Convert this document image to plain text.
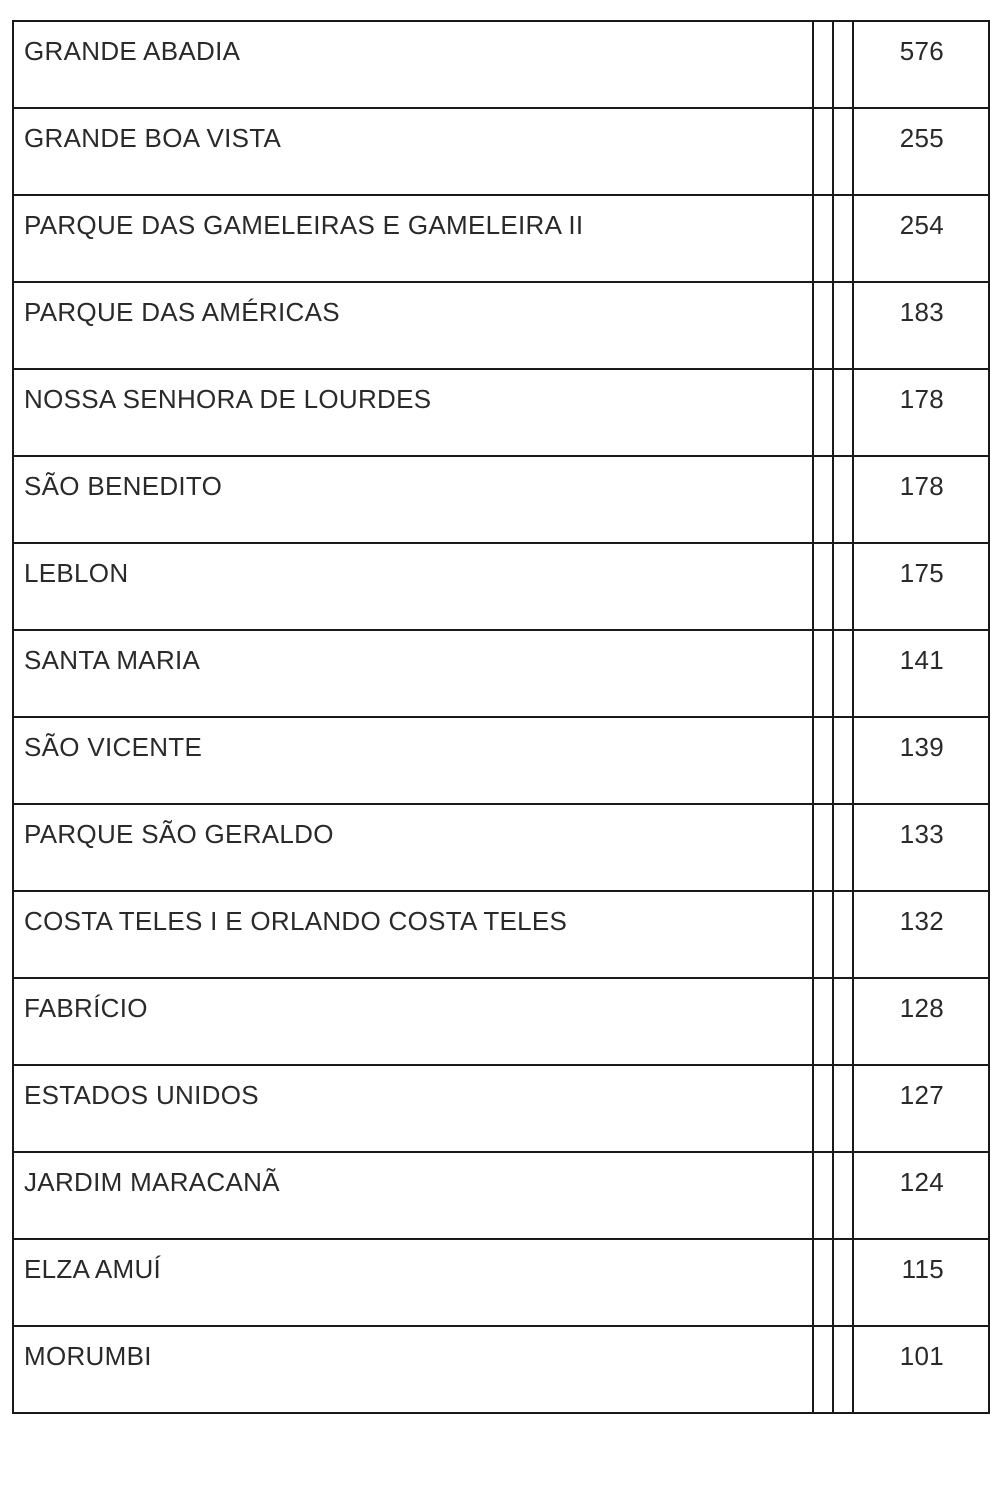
GRANDE ABADIA			576

GRANDE BOA VISTA			255

PARQUE DAS GAMELEIRAS E GAMELEIRA II			254

PARQUE DAS AMÉRICAS			183

NOSSA SENHORA DE LOURDES			178

SÃO BENEDITO			178

LEBLON			175

SANTA MARIA			141

SÃO VICENTE			139

PARQUE SÃO GERALDO			133

COSTA TELES I E ORLANDO COSTA TELES			132

FABRÍCIO			128

ESTADOS UNIDOS			127

JARDIM MARACANÃ			124

ELZA AMUÍ			115

MORUMBI			101
